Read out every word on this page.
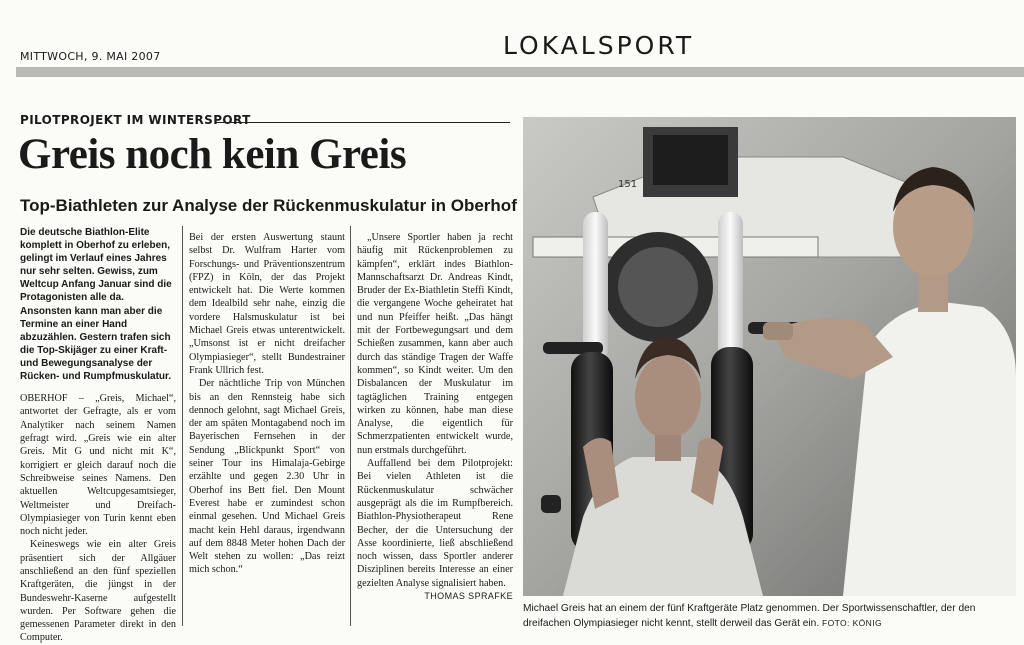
MITTWOCH, 9. MAI 2007	LOKALSPORT
PILOTPROJEKT IM WINTERSPORT
Greis noch kein Greis
Top-Biathleten zur Analyse der Rückenmuskulatur in Oberhof

Die deutsche Biathlon-Elite komplett in Oberhof zu erleben, gelingt im Verlauf eines Jahres nur sehr selten. Gewiss, zum Weltcup Anfang Januar sind die Protagonisten alle da. Ansonsten kann man aber die Termine an einer Hand abzuzählen. Gestern trafen sich die Top-Skijäger zu einer Kraft- und Bewegungsanalyse der Rücken- und Rumpfmuskulatur.

OBERHOF – „Greis, Michael“, antwortet der Gefragte, als er vom Analytiker nach seinem Namen gefragt wird. „Greis wie ein alter Greis. Mit G und nicht mit K“, korrigiert er gleich darauf noch die Schreibweise seines Namens. Den aktuellen Weltcupgesamtsieger, Weltmeister und Dreifach-Olympiasieger von Turin kennt eben noch nicht jeder.

Keineswegs wie ein alter Greis präsentiert sich der Allgäuer anschließend an den fünf speziellen Kraftgeräten, die jüngst in der Bundeswehr-Kaserne aufgestellt wurden. Per Software gehen die gemessenen Parameter direkt in den Computer.

Bei der ersten Auswertung staunt selbst Dr. Wulfram Harter vom Forschungs- und Präventionszentrum (FPZ) in Köln, der das Projekt entwickelt hat. Die Werte kommen dem Idealbild sehr nahe, einzig die vordere Halsmuskulatur ist bei Michael Greis etwas unterentwickelt. „Umsonst ist er nicht dreifacher Olympiasieger“, stellt Bundestrainer Frank Ullrich fest.

Der nächtliche Trip von München bis an den Rennsteig habe sich dennoch gelohnt, sagt Michael Greis, der am späten Montagabend noch im Bayerischen Fernsehen in der Sendung „Blickpunkt Sport“ von seiner Tour ins Himalaja-Gebirge erzählte und gegen 2.30 Uhr in Oberhof ins Bett fiel. Den Mount Everest habe er zumindest schon einmal gesehen. Und Michael Greis macht kein Hehl daraus, irgendwann auf dem 8848 Meter hohen Dach der Welt stehen zu wollen: „Das reizt mich schon.“

„Unsere Sportler haben ja recht häufig mit Rückenproblemen zu kämpfen“, erklärt indes Biathlon-Mannschaftsarzt Dr. Andreas Kindt, Bruder der Ex-Biathletin Steffi Kindt, die vergangene Woche geheiratet hat und nun Pfeiffer heißt. „Das hängt mit der Fortbewegungsart und dem Schießen zusammen, kann aber auch durch das ständige Tragen der Waffe kommen“, so Kindt weiter. Um den Disbalancen der Muskulatur im tagtäglichen Training entgegen wirken zu können, habe man diese Analyse, die eigentlich für Schmerzpatienten entwickelt wurde, nun erstmals durchgeführt.

Auffallend bei dem Pilotprojekt: Bei vielen Athleten ist die Rückenmuskulatur schwächer ausgeprägt als die im Rumpfbereich. Biathlon-Physiotherapeut Rene Becher, der die Untersuchung der Asse koordinierte, ließ abschließend noch wissen, dass Sportler anderer Disziplinen bereits Interesse an einer gezielten Analyse signalisiert haben.

THOMAS SPRAFKE
151
Michael Greis hat an einem der fünf Kraftgeräte Platz genommen. Der Sportwissenschaftler, der den dreifachen Olympiasieger nicht kennt, stellt derweil das Gerät ein. FOTO: KÖNIG
